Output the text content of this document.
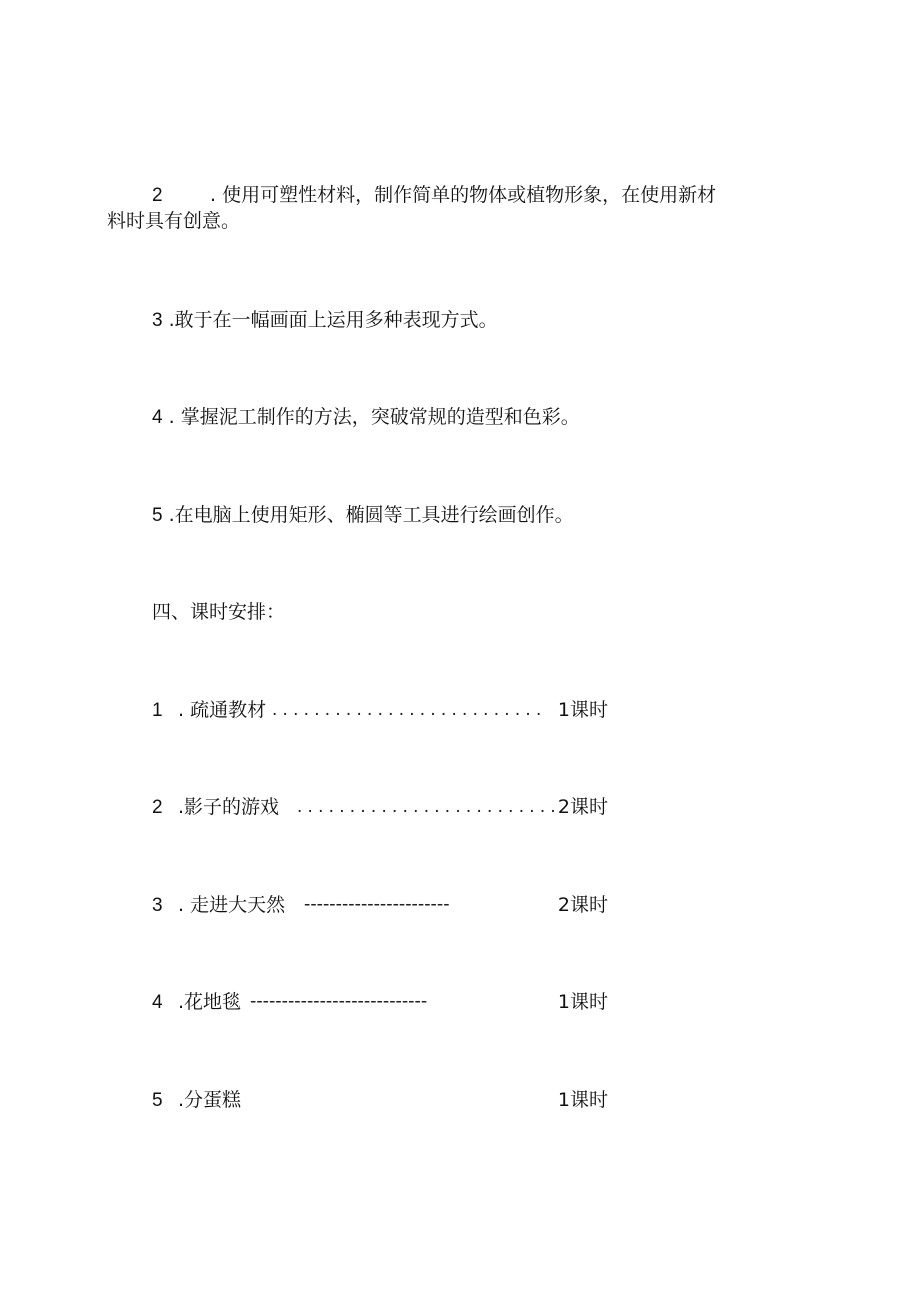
2 . 使用可塑性材料，制作简单的物体或植物形象，在使用新材
料时具有创意。
3 .敢于在一幅画面上运用多种表现方式。
4 . 掌握泥工制作的方法，突破常规的造型和色彩。
5 .在电脑上使用矩形、椭圆等工具进行绘画创作。
四、课时安排：
1 . 疏通教材 . . . . . . . . . . . . . . . . . . . . . . . . . . 1课时
2 .影子的游戏 . . . . . . . . . . . . . . . . . . . . . . . . . 2课时
3 . 走进大天然 -----------------------	2课时
4 .花地毯 ----------------------------	1课时
5 .分蛋糕	1课时
